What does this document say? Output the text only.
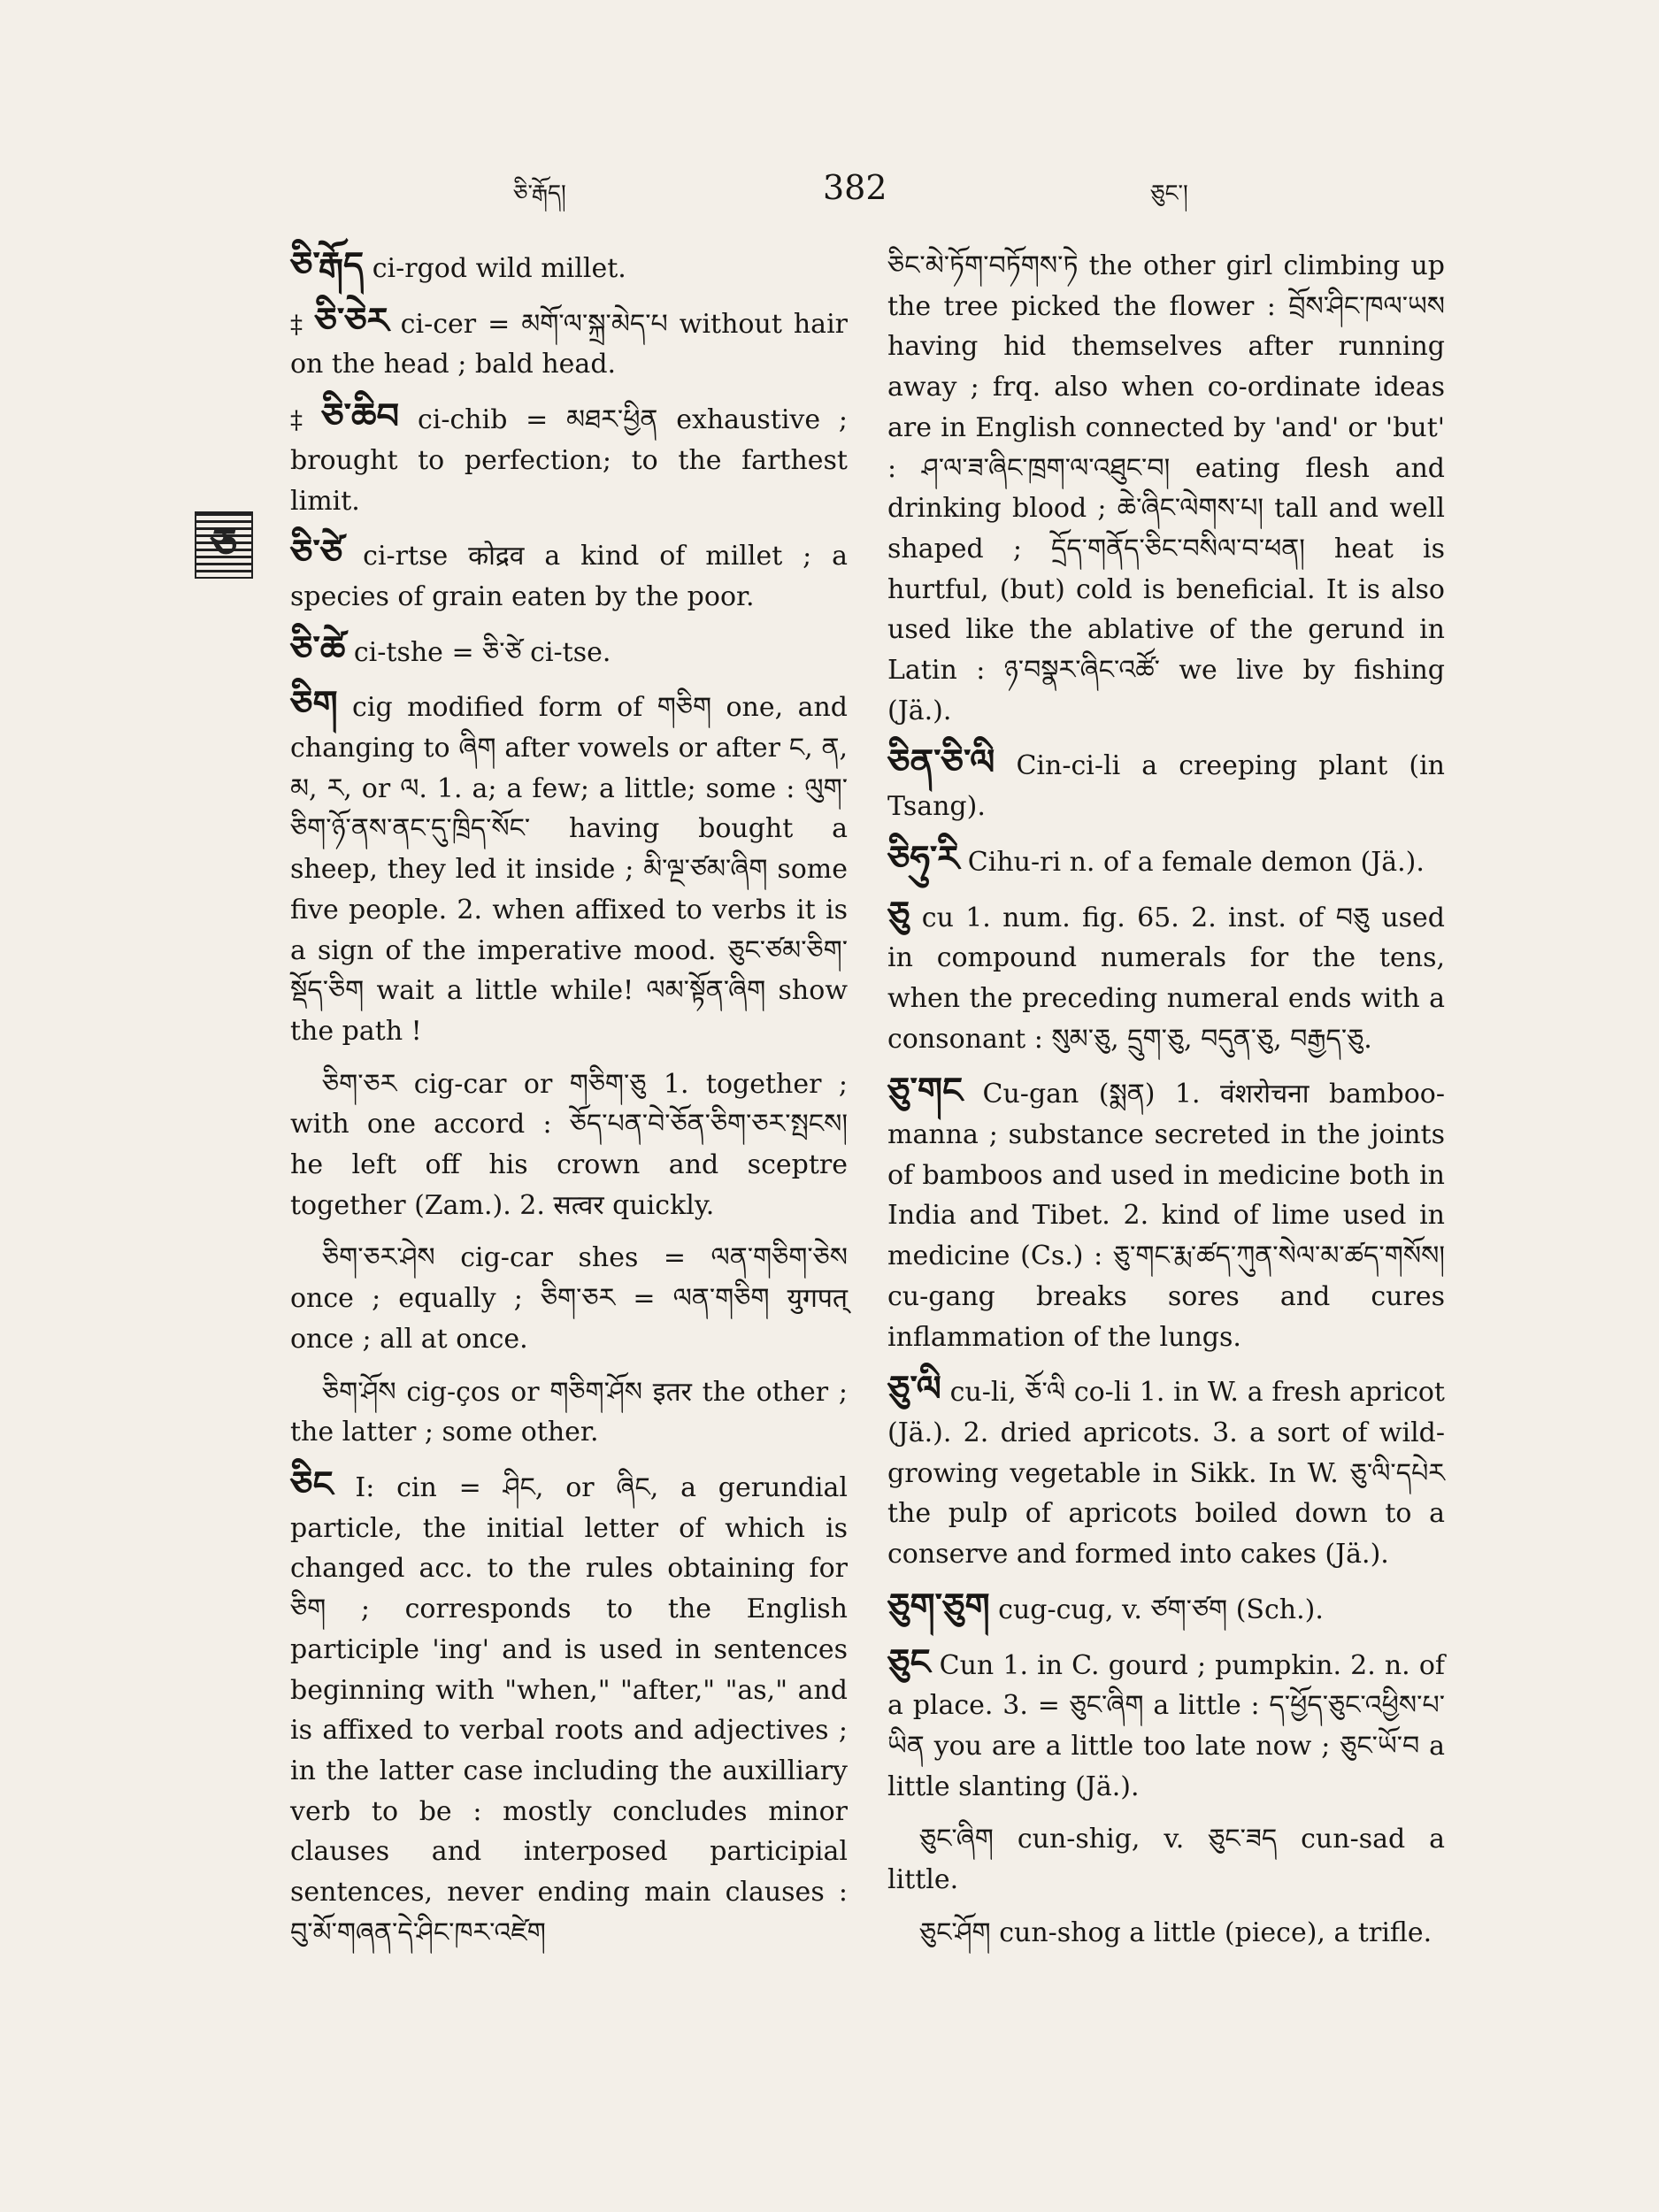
ཅི་རྒོད།	382	ཅུང་།
ཅ

ཅི་རྒོད ci-rgod wild millet.

‡ ཅི་ཅེར ci-cer = མགོ་ལ་སྐྲ་མེད་པ without hair on the head ; bald head.

‡ ཅི་ཆིབ ci-chib = མཐར་ཕྱིན exhaustive ; brought to perfection; to the farthest limit.

ཅི་ཙེ ci-rtse कोद्रव a kind of millet ; a species of grain eaten by the poor.

ཅི་ཚེ ci-tshe = ཅི་ཙེ ci-tse.

ཅིག cig modified form of གཅིག one, and changing to ཞིག after vowels or after ང, ན, མ, ར, or ལ. 1. a; a few; a little; some : ལུག་ཅིག་ཉོ་ནས་ནང་དུ་ཁྲིད་སོང་ having bought a sheep, they led it inside ; མི་ལྔ་ཙམ་ཞིག some five people. 2. when affixed to verbs it is a sign of the imperative mood. ཅུང་ཙམ་ཅིག་སྡོད་ཅིག wait a little while! ལམ་སྟོན་ཞིག show the path !

ཅིག་ཅར cig-car or གཅིག་ཅུ 1. together ; with one accord : ཅོད་པན་བེ་ཅོན་ཅིག་ཅར་སྤངས། he left off his crown and sceptre together (Zam.). 2. सत्वर quickly.

ཅིག་ཅར་ཤེས cig-car shes = ལན་གཅིག་ཅེས once ; equally ; ཅིག་ཅར = ལན་གཅིག युगपत् once ; all at once.

ཅིག་ཤོས cig-ços or གཅིག་ཤོས इतर the other ; the latter ; some other.

ཅིང I: cin = ཤིང, or ཞིང, a gerundial particle, the initial letter of which is changed acc. to the rules obtaining for ཅིག ; corresponds to the English participle 'ing' and is used in sentences beginning with "when," "after," "as," and is affixed to verbal roots and adjectives ; in the latter case including the auxilliary verb to be : mostly concludes minor clauses and interposed participial sentences, never ending main clauses : བུ་མོ་གཞན་དེ་ཤིང་ཁར་འཛེག

ཅིང་མེ་ཏོག་བཏོགས་ཏེ the other girl climbing up the tree picked the flower : བྲོས་ཤིང་ཁལ་ཡས having hid themselves after running away ; frq. also when co-ordinate ideas are in English connected by 'and' or 'but' : ཤ་ལ་ཟ་ཞིང་ཁྲག་ལ་འཐུང་བ། eating flesh and drinking blood ; ཆེ་ཞིང་ལེགས་པ། tall and well shaped ; དྲོད་གནོད་ཅིང་བསིལ་བ་ཕན། heat is hurtful, (but) cold is beneficial. It is also used like the ablative of the gerund in Latin : ཉ་བསྣར་ཞིང་འཚོ་ we live by fishing (Jä.).

ཅིན་ཅི་ལི Cin-ci-li a creeping plant (in Tsang).

ཅིཧུ་རི Cihu-ri n. of a female demon (Jä.).

ཅུ cu 1. num. fig. 65. 2. inst. of བཅུ used in compound numerals for the tens, when the preceding numeral ends with a consonant : སུམ་ཅུ, དྲུག་ཅུ, བདུན་ཅུ, བརྒྱད་ཅུ.

ཅུ་གང Cu-gan (སྨན) 1. वंशरोचना bamboo-manna ; substance secreted in the joints of bamboos and used in medicine both in India and Tibet. 2. kind of lime used in medicine (Cs.) : ཅུ་གང་རྨ་ཚད་ཀུན་སེལ་མ་ཚད་གསོས། cu-gang breaks sores and cures inflammation of the lungs.

ཅུ་ལི cu-li, ཅོ་ལི co-li 1. in W. a fresh apricot (Jä.). 2. dried apricots. 3. a sort of wild-growing vegetable in Sikk. In W. ཅུ་ལི་དཔེར the pulp of apricots boiled down to a conserve and formed into cakes (Jä.).

ཅུག་ཅུག cug-cug, v. ཙག་ཙག (Sch.).

ཅུང Cun 1. in C. gourd ; pumpkin. 2. n. of a place. 3. = ཅུང་ཞིག a little : ད་ཕྱོད་ཅུང་འཕྱིས་པ་ཡིན you are a little too late now ; ཅུང་ཡོ་བ a little slanting (Jä.).

ཅུང་ཞིག cun-shig, v. ཅུང་ཟད cun-sad a little.

ཅུང་ཤོག cun-shog a little (piece), a trifle.
